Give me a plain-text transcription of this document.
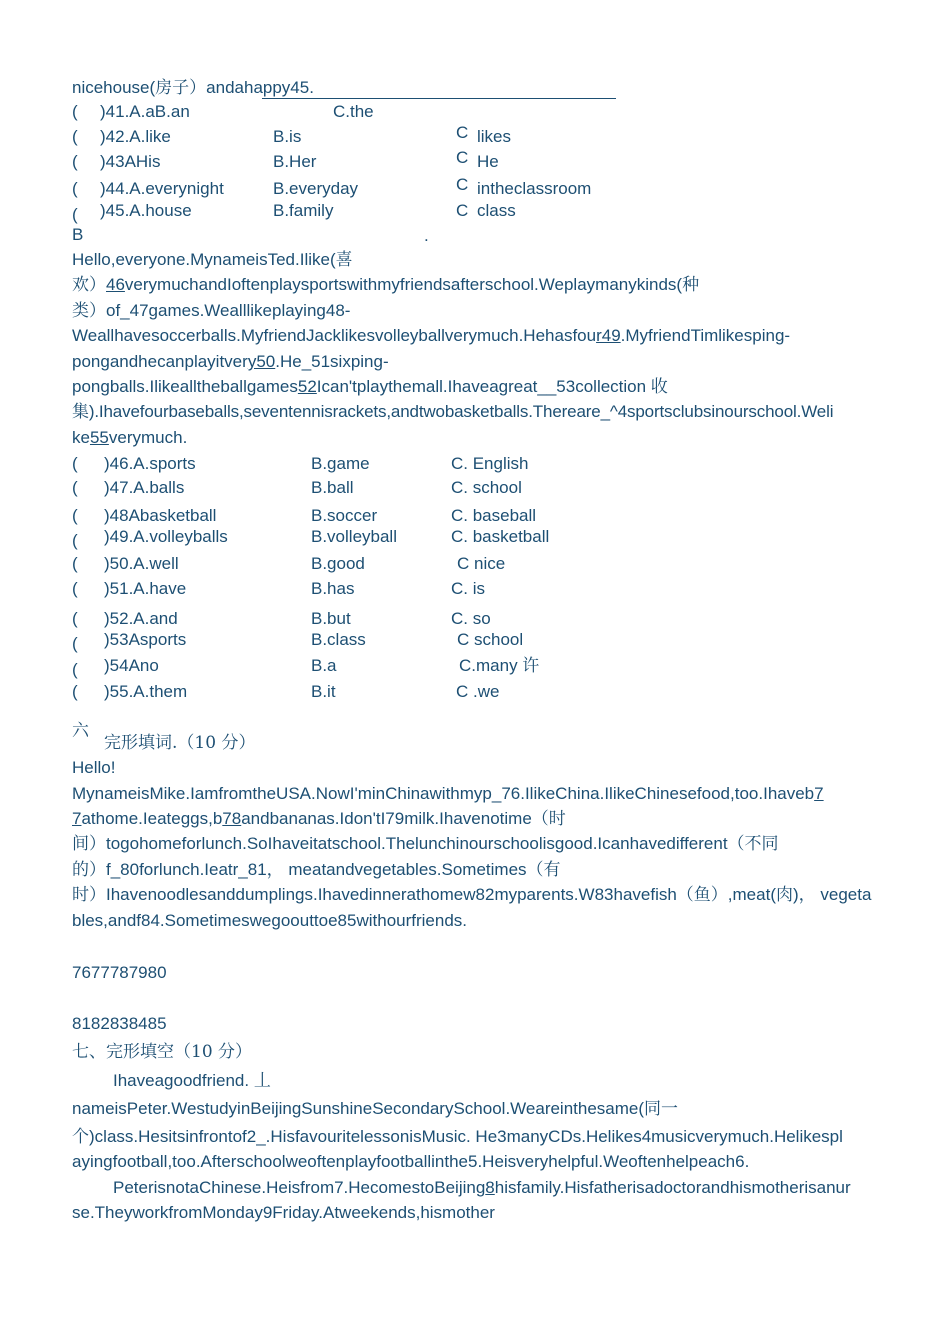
nicehouse(房子）andahappy45.
( )41.A.aB.an	C.the
( )42.A.like	B.is	C likes
( )43AHis	B.Her	C He
( )44.A.everynight	B.everyday	C intheclassroom
( )45.A.house	B.family	C class
B	.
Hello,everyone.MynameisTed.Ilike(喜
欢）46verymuchandIoftenplaysportswithmyfriendsafterschool.Weplaymanykinds(种
类）of_47games.Wealllikeplaying48-
Weallhavesoccerballs.MyfriendJacklikesvolleyballverymuch.Hehasfour49.MyfriendTimlikesping-
pongandhecanplayitvery50.He_51sixping-
pongballs.Ilikealltheballgames52Ican'tplaythemall.Ihaveagreat__53collection 收
集).Ihavefourbaseballs,seventennisrackets,andtwobasketballs.Thereare_^4sportsclubsinourschool.Weli
ke55verymuch.
( )46.A.sports	B.game	C. English
( )47.A.balls	B.ball	C. school
( )48Abasketball	B.soccer	C. baseball
( )49.A.volleyballs	B.volleyball	C. basketball
( )50.A.well	B.good	C nice
( )51.A.have	B.has	C. is
( )52.A.and	B.but	C. so
( )53Asports	B.class	C school
( )54Ano	B.a	C.many 许
( )55.A.them	B.it	C .we
六
完形填词.（10 分）
Hello!
MynameisMike.IamfromtheUSA.NowI'minChinawithmyp_76.IlikeChina.IlikeChinesefood,too.Ihaveb7
7athome.Ieateggs,b78andbananas.Idon'tI79milk.Ihavenotime（时
间）togohomeforlunch.SoIhaveitatschool.Thelunchinourschoolisgood.Icanhavedifferent（不同
的）f_80forlunch.Ieatr_81， meatandvegetables.Sometimes（有
时）Ihavenoodlesanddumplings.Ihavedinnerathomew82myparents.W83havefish（鱼）,meat(肉)， vegeta
bles,andf84.Sometimeswegoouttoe85withourfriends.
7677787980
8182838485
七、完形填空（10 分）
Ihaveagoodfriend. 丄
nameisPeter.WestudyinBeijingSunshineSecondarySchool.Weareinthesame(同一
个)class.Hesitsinfrontof2_.HisfavouritelessonisMusic. He3manyCDs.Helikes4musicverymuch.Helikespl
ayingfootball,too.Afterschoolweoftenplayfootballinthe5.Heisveryhelpful.Weoftenhelpeach6.
PeterisnotaChinese.Heisfrom7.HecomestoBeijing8hisfamily.Hisfatherisadoctorandhismotherisanur
se.TheyworkfromMonday9Friday.Atweekends,hismother
